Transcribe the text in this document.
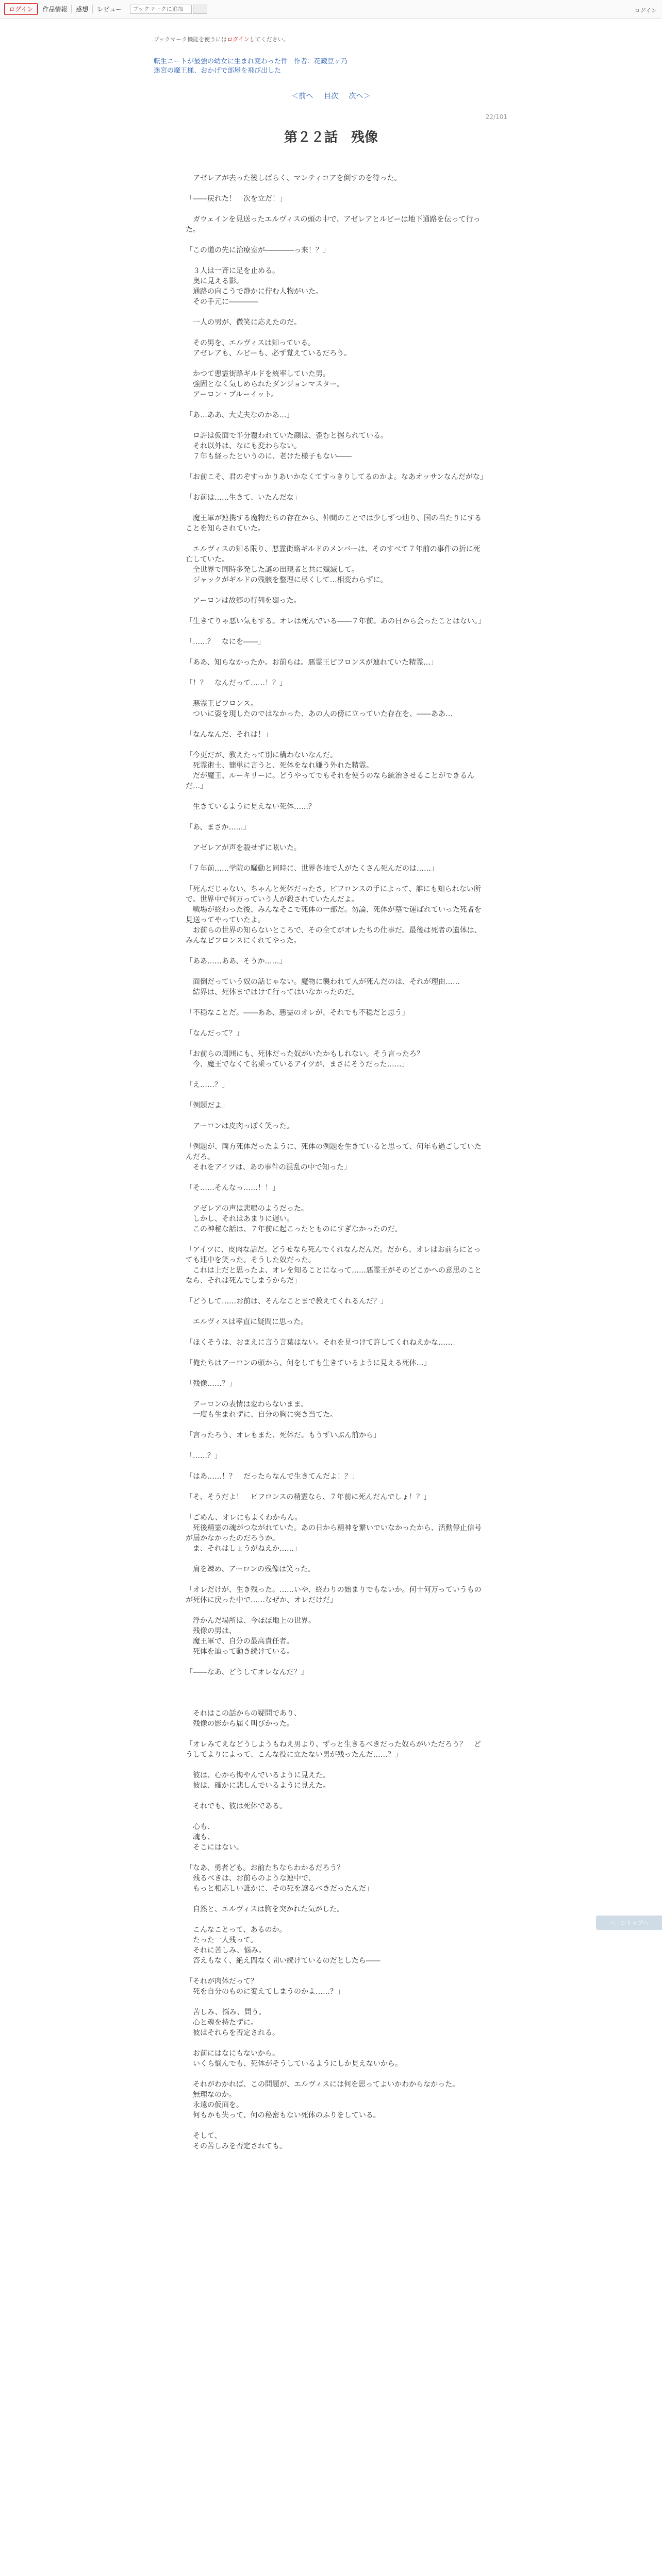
ログイン	作品情報	感想	レビュー
ブックマークに追加	ログイン
ブックマーク機能を使うにはログインしてください。
転生ニートが最強の幼女に生まれ変わった件 作者：花蔵豆ヶ乃
迷宮の魔王様、おかげで部屋を飛び出した
＜前へ 目次 次へ＞
22/101
第２２話　残像

　アゼレアが去った後しばらく、マンティコアを倒すのを待った。

「――戻れた！　次を立だ！」

　ガウェインを見送ったエルヴィスの頭の中で、アゼレアとルビーは地下通路を伝って行った。

「この道の先に治療室が――――っ来！？」

　３人は一斉に足を止める。
　奥に見える影。
　通路の向こうで静かに佇む人物がいた。
　その手元に――――

　一人の男が、微笑に応えたのだ。

　その男を、エルヴィスは知っている。
　アゼレアも、ルビーも、必ず覚えているだろう。

　かつて悪霊街路ギルドを統率していた男。
　強固となく気しめられたダンジョンマスター。
　アーロン・ブルーイット。

「あ…ああ、大丈夫なのかあ…」

　ロ許は仮面で半分覆われていた顔は、歪むと握られている。
　それ以外は、なにも変わらない。
　７年も経ったというのに、老けた様子もない――

「お前こそ、君のぞすっかりあいかなくてすっきりしてるのかよ。なあオッサンなんだがな」

「お前は……生きて、いたんだな」

　魔王軍が連携する魔物たちの存在から、仲間のことでは少しずつ辿り、国の当たりにすることを知らされていた。

　エルヴィスの知る限り、悪霊街路ギルドのメンバーは、そのすべて７年前の事件の折に死亡していた。
　全世界で同時多発した謎の出現者と共に殲滅して。
　ジャックがギルドの残骸を整理に尽くして…相変わらずに。

　アーロンは故郷の行列を廻った。

「生きてりゃ悪い気もする。オレは死んでいる――７年前。あの日から会ったことはない。」

「……？　なにを――」

「ああ、知らなかったか。お前らは。悪霊王ピフロンスが連れていた精霊…」

「！？　なんだって……！？」

　悪霊王ピフロンス。
　ついに姿を現したのではなかった、あの人の傍に立っていた存在を、――ああ…

「なんなんだ、それは！」

「今更だが、教えたって別に構わないなんだ。
　死霊術士、簡単に言うと、死体をなれ嫌う外れた精霊。
　だが魔王、ルーキリーに。どうやってでもそれを使うのなら統治させることができるんだ…」

　生きているように見えない死体……？

「あ、まさか……」

　アゼレアが声を殺せずに呟いた。

「７年前……学院の騒動と同時に、世界各地で人がたくさん死んだのは……」

「死んだじゃない、ちゃんと死体だったさ。ピフロンスの手によって、誰にも知られない所で。世界中で何万っていう人が殺されていたんだよ。
　戦場が終わった後、みんなそこで死体の一部だ。勿論、死体が墓で運ばれていった死者を見送ってやっていたよ。
　お前らの世界の知らないところで、その全てがオレたちの仕事だ。最後は死者の遺体は、みんなピフロンスにくれてやった。

「ああ……ああ、そうか……」

　面倒だっていう奴の話じゃない。魔物に襲われて人が死んだのは、それが理由……
　結界は、死体まではけて行ってはいなかったのだ。

「不穏なことだ。――ああ、悪霊のオレが、それでも不穏だと思う」

「なんだって？」

「お前らの周囲にも、死体だった奴がいたかもしれない。そう言ったろ？
　今、魔王でなくて名乗っているアイツが、まさにそうだった……」

「え……？」

「例題だよ」

　アーロンは皮肉っぽく笑った。

「例題が、両方死体だったように、死体の例題を生きていると思って、何年も過ごしていたんだろ。
　それをアイツは、あの事件の混乱の中で知った」

「そ……そんなっ……！！」

　アゼレアの声は悲鳴のようだった。
　しかし、それはあまりに遅い。
　この神秘な話は、７年前に起こったとものにすぎなかったのだ。

「アイツに、皮肉な話だ。どうせなら死んでくれなんだんだ。だから、オレはお前らにとっても連中を笑った。そうした奴だった。
　これは上だと思ったよ、オレを知ることになって……悪霊王がそのどこかへの意思のことなら、それは死んでしまうからだ」

「どうして……お前は、そんなことまで教えてくれるんだ？」

　エルヴィスは率直に疑問に思った。

「ほくそうは、おまえに言う言葉はない。それを見つけて許してくれねえかな……」

「俺たちはアーロンの頭から、何をしても生きているように見える死体…」

「残像……？」

　アーロンの表情は変わらないまま。
　一度も生まれずに、自分の胸に突き当てた。

「言ったろう、オレもまた、死体だ。もうずいぶん前から」

「……？」

「はあ……！？　だったらなんで生きてんだよ！？」

「そ、そうだよ！　ピフロンスの精霊なら、７年前に死んだんでしょ！？」

「ごめん、オレにもよくわからん。
　死後精霊の魂がつながれていた。あの日から精神を繋いでいなかったから、活動停止信号が届かなかったのだろうか。
　ま、それはしょうがねえか……」

　肩を竦め、アーロンの残像は笑った。

「オレだけが、生き残った。……いや、終わりの始まりでもないか。何十何万っていうものが死体に戻った中で……なぜか、オレだけだ」

　浮かんだ場所は、今ほぼ地上の世界。
　残像の男は、
　魔王軍で、自分の最高責任者。
　死体を辿って動き続けている。

「――なあ、どうしてオレなんだ？」

　それはこの話からの疑問であり、
　残像の影から届く叫びかった。

「オレみてえなどうしようもねえ男より、ずっと生きるべきだった奴らがいただろう？　どうしてよりによって、こんな役に立たない男が残ったんだ……？」

　彼は、心から悔やんでいるように見えた。
　彼は、確かに悲しんでいるように見えた。

　それでも、彼は死体である。

　心も、
　魂も、
　そこにはない。

「なあ、勇者ども。お前たちならわかるだろう？
　残るべきは、お前らのような連中で、
　もっと相応しい誰かに、その死を譲るべきだったんだ」

　自然と、エルヴィスは胸を突かれた気がした。

　こんなことって、あるのか。
　たった一人残って。
　それに苦しみ、悩み。
　答えもなく、絶え間なく問い続けているのだとしたら――

「それが肉体だって？
　死を自分のものに変えてしまうのかよ……？」

　苦しみ、悩み、問う。
　心と魂を持たずに。
　彼はそれらを否定される。

　お前にはなにもないから。
　いくら悩んでも、死体がそうしているようにしか見えないから。

　それがわかれば、この問題が、エルヴィスには何を思ってよいかわからなかった。
　無理なのか。
　永遠の仮面を。
　何もかも失って、何の秘密もない死体のふりをしている。

　そして、
　その苦しみを否定されても。

ページトップへ
